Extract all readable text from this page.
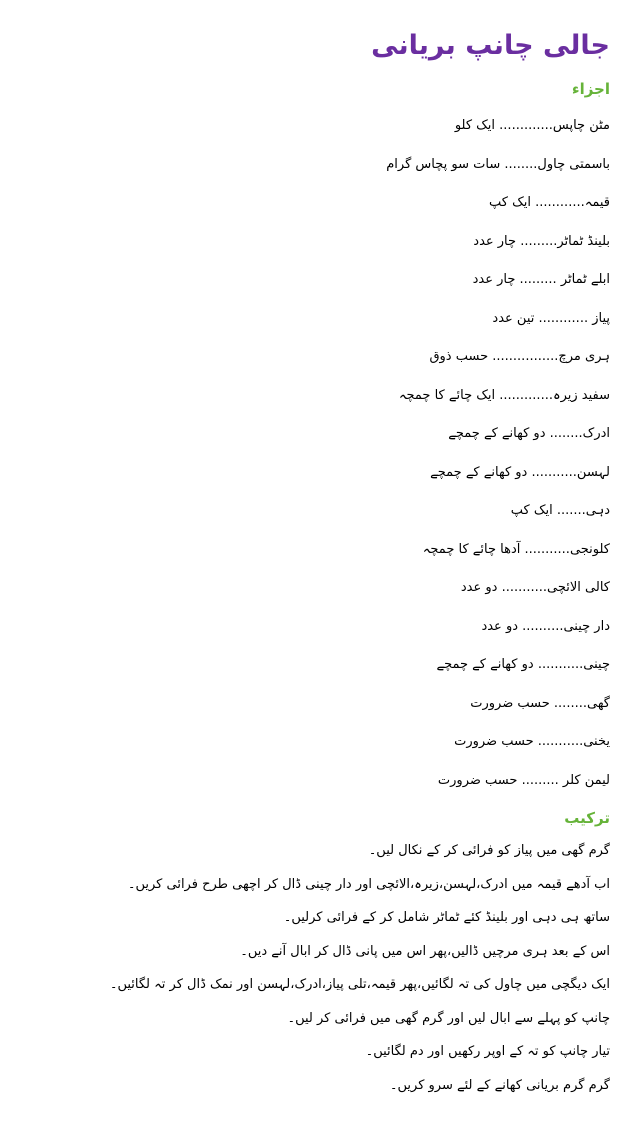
جالی چانپ بریانی
اجزاء
مٹن چاپس............. ایک کلو
باسمتی چاول........ سات سو پچاس گرام
قیمہ............ ایک کپ
بلینڈ ٹماٹر......... چار عدد
ابلے ٹماٹر ......... چار عدد
پیاز ............ تین عدد
ہری مرچ................ حسب ذوق
سفید زیرہ............. ایک چائے کا چمچہ
ادرک........ دو کھانے کے چمچے
لہسن........... دو کھانے کے چمچے
دہی....... ایک کپ
کلونجی........... آدھا چائے کا چمچہ
کالی الائچی........... دو عدد
دار چینی.......... دو عدد
چینی........... دو کھانے کے چمچے
گھی........ حسب ضرورت
یخنی........... حسب ضرورت
لیمن کلر ......... حسب ضرورت
ترکیب
گرم گھی میں پیاز کو فرائی کر کے نکال لیں۔
اب آدھے قیمہ میں ادرک،لہسن،زیرہ،الائچی اور دار چینی ڈال کر اچھی طرح فرائی کریں۔
ساتھ ہی دہی اور بلینڈ کئے ٹماٹر شامل کر کے فرائی کرلیں۔
اس کے بعد ہری مرچیں ڈالیں،پھر اس میں پانی ڈال کر ابال آنے دیں۔
ایک دیگچی میں چاول کی تہ لگائیں،پھر قیمہ،تلی پیاز،ادرک،لہسن اور نمک ڈال کر تہ لگائیں۔
چانپ کو پہلے سے ابال لیں اور گرم گھی میں فرائی کر لیں۔
تیار چانپ کو تہ کے اوپر رکھیں اور دم لگائیں۔
گرم گرم بریانی کھانے کے لئے سرو کریں۔
